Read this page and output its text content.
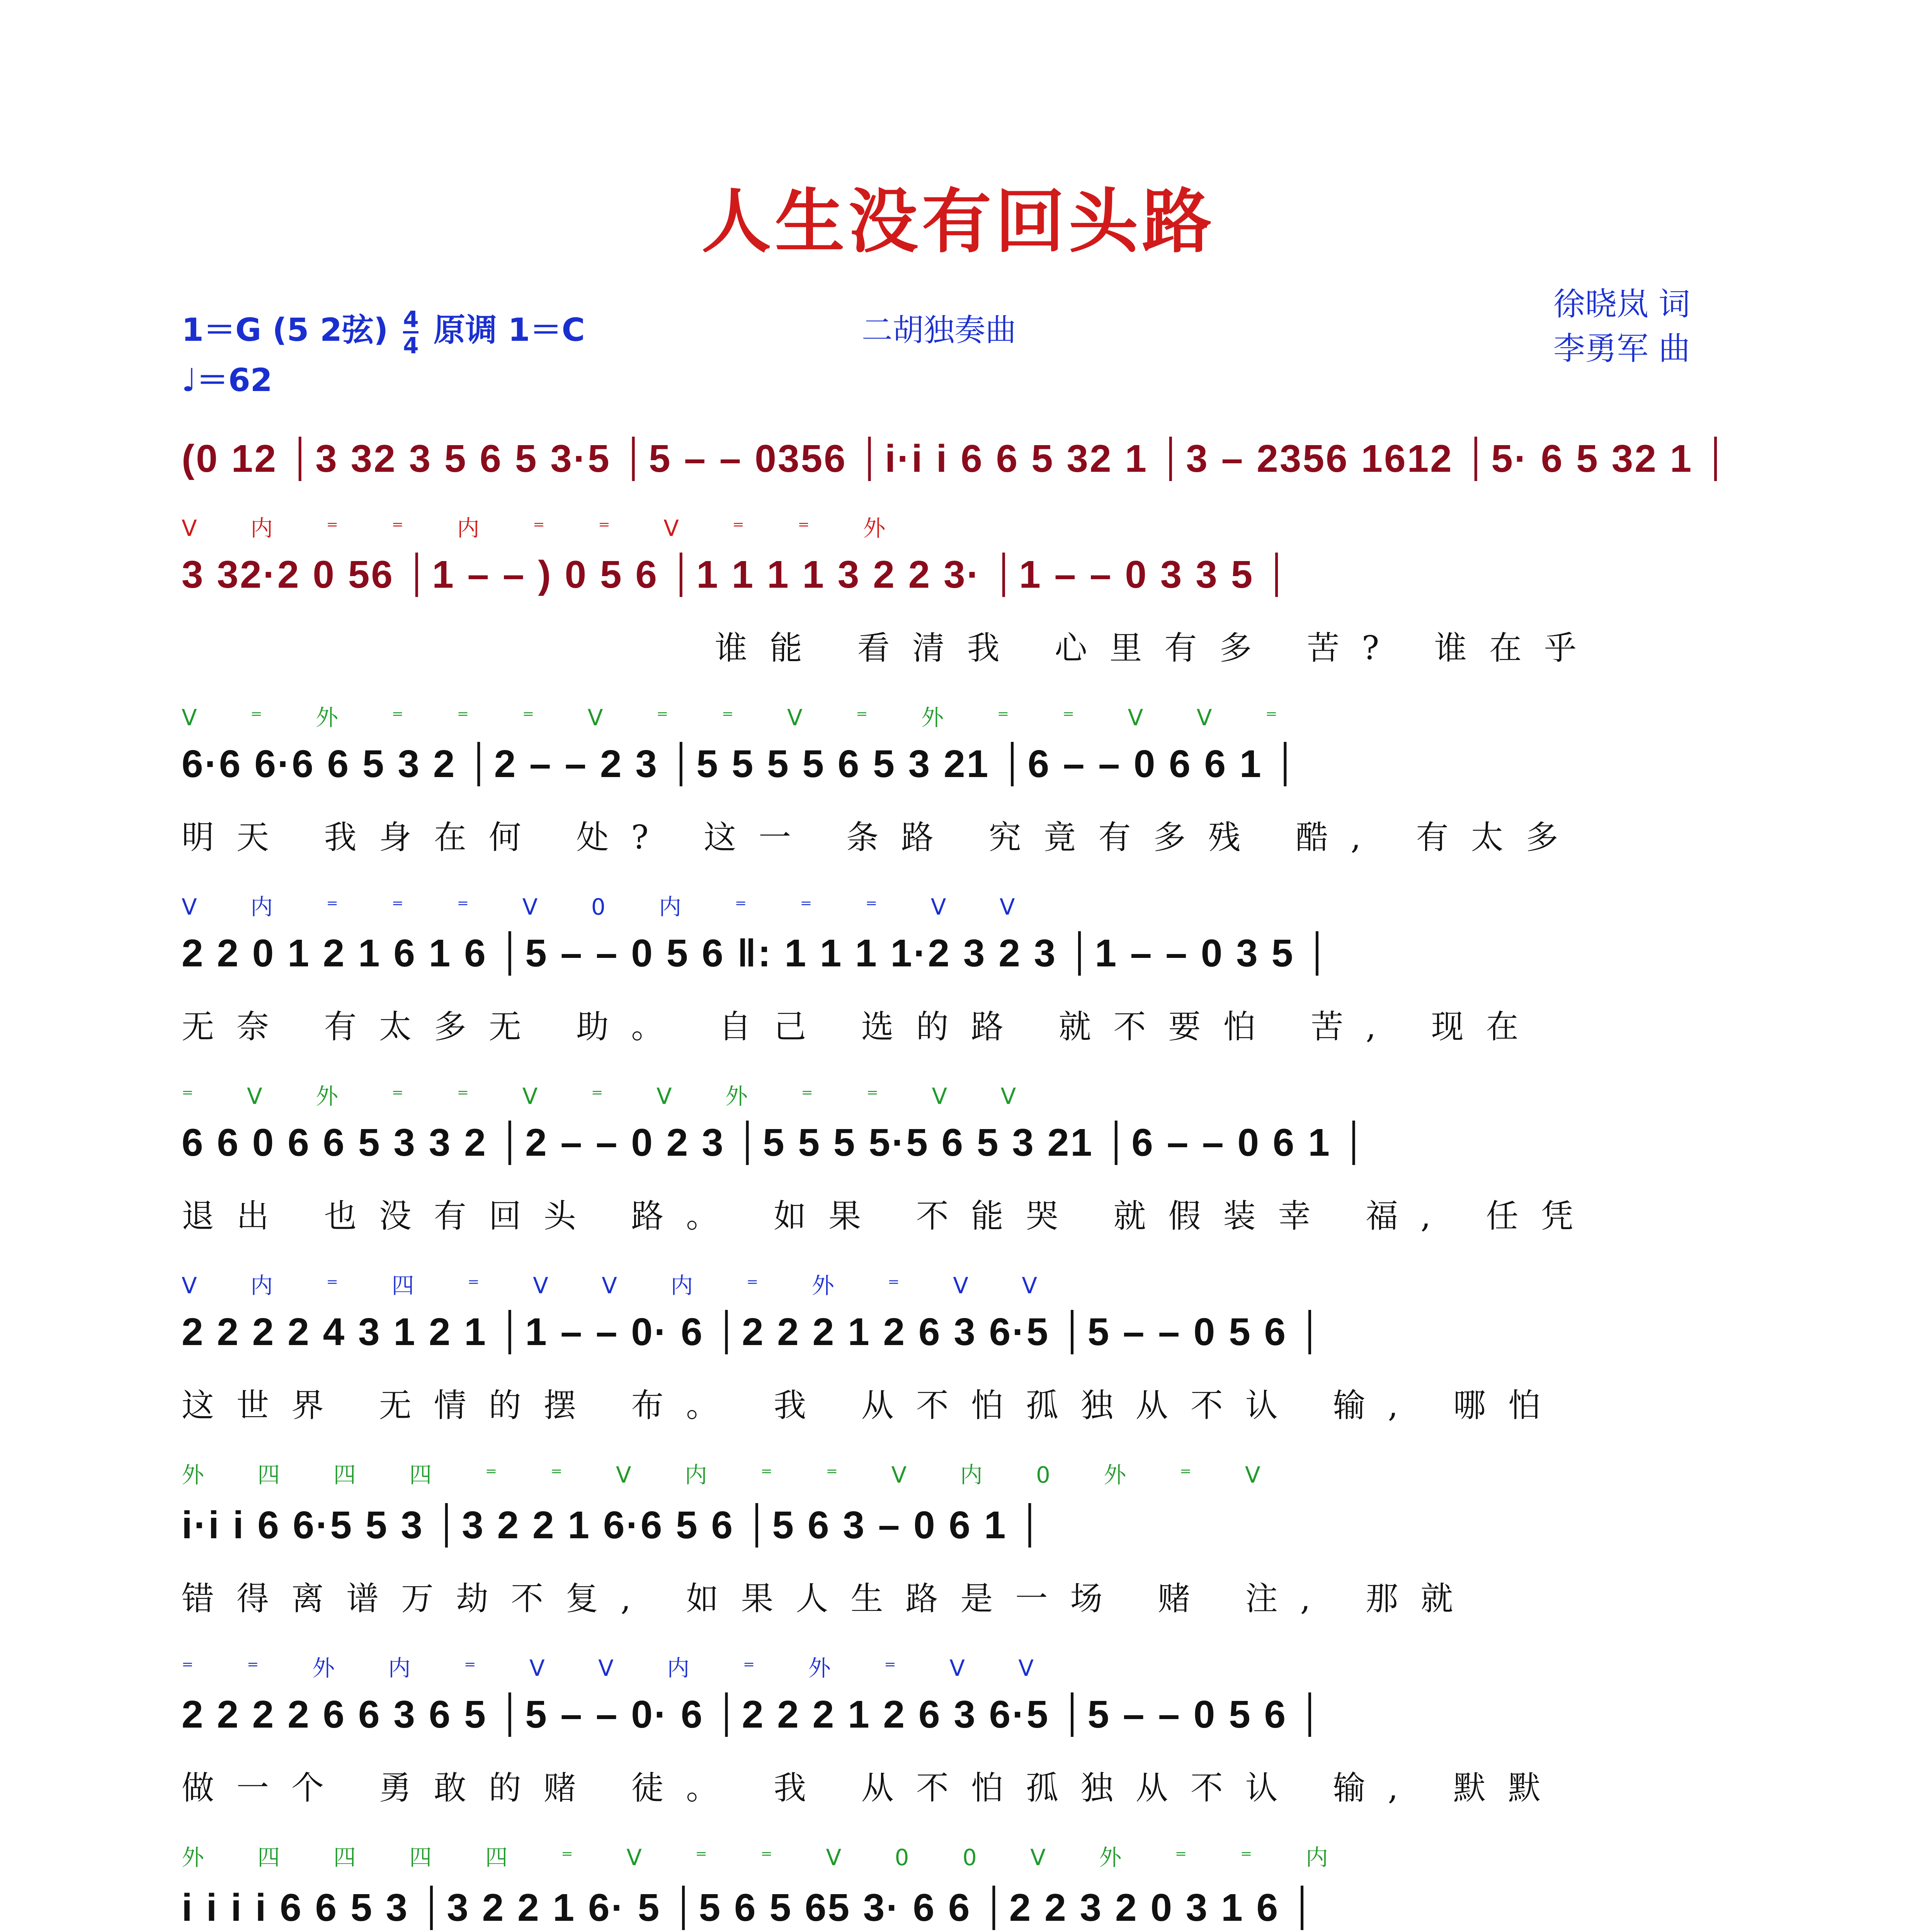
人生没有回头路
1＝G (5 2弦) $\frac{4}{4}$ 原调 1＝C
♩＝62
二胡独奏曲
徐晓岚 词
李勇军 曲
(0 12 │3 32 3 5 6 5 3·5 │5 – – 0356 │i·i i 6 6 5 32 1 │3 – 2356 1612 │5· 6 5 32 1 │
V 内 ⁼ ⁼ 内 ⁼ ⁼ V ⁼ ⁼ 外
3 32·2 0 56 │1 – – ) 0 5 6 │1 1 1 1 3 2 2 3· │1 – – 0 3 3 5 │
谁能 看清我 心里有多 苦? 谁在乎
V ⁼ 外 ⁼ ⁼ ⁼ V ⁼ ⁼ V ⁼ 外 ⁼ ⁼ V V ⁼
6·6 6·6 6 5 3 2 │2 – – 2 3 │5 5 5 5 6 5 3 21 │6 – – 0 6 6 1 │
明天 我身在何 处? 这一 条路 究竟有多残 酷, 有太多
V 内 ⁼ ⁼ ⁼ V 0 内 ⁼ ⁼ ⁼ V V
2 2 0 1 2 1 6 1 6 │5 – – 0 5 6 ‖: 1 1 1 1·2 3 2 3 │1 – – 0 3 5 │
无奈 有太多无 助。 自己 选的路 就不要怕 苦, 现在
⁼ V 外 ⁼ ⁼ V ⁼ V 外 ⁼ ⁼ V V
6 6 0 6 6 5 3 3 2 │2 – – 0 2 3 │5 5 5 5·5 6 5 3 21 │6 – – 0 6 1 │
退出 也没有回头 路。 如果 不能哭 就假装幸 福, 任凭
V 内 ⁼ 四 ⁼ V V 内 ⁼ 外 ⁼ V V
2 2 2 2 4 3 1 2 1 │1 – – 0· 6 │2 2 2 1 2 6 3 6·5 │5 – – 0 5 6 │
这世界 无情的摆 布。 我 从不怕孤独从不认 输, 哪怕
外 四 四 四 ⁼ ⁼ V 内 ⁼ ⁼ V 内 0 外 ⁼ V
i·i i 6 6·5 5 3 │3 2 2 1 6·6 5 6 │5 6 3 – 0 6 1 │
错得离谱万劫不复, 如果人生路是一场 赌 注, 那就
⁼ ⁼ 外 内 ⁼ V V 内 ⁼ 外 ⁼ V V
2 2 2 2 6 6 3 6 5 │5 – – 0· 6 │2 2 2 1 2 6 3 6·5 │5 – – 0 5 6 │
做一个 勇敢的赌 徒。 我 从不怕孤独从不认 输, 默默
外 四 四 四 四 ⁼ V ⁼ ⁼ V 0 0 V 外 ⁼ ⁼ 内
i i i i 6 6 5 3 │3 2 2 1 6· 5 │5 6 5 65 3· 6 6 │2 2 3 2 0 3 1 6 │
